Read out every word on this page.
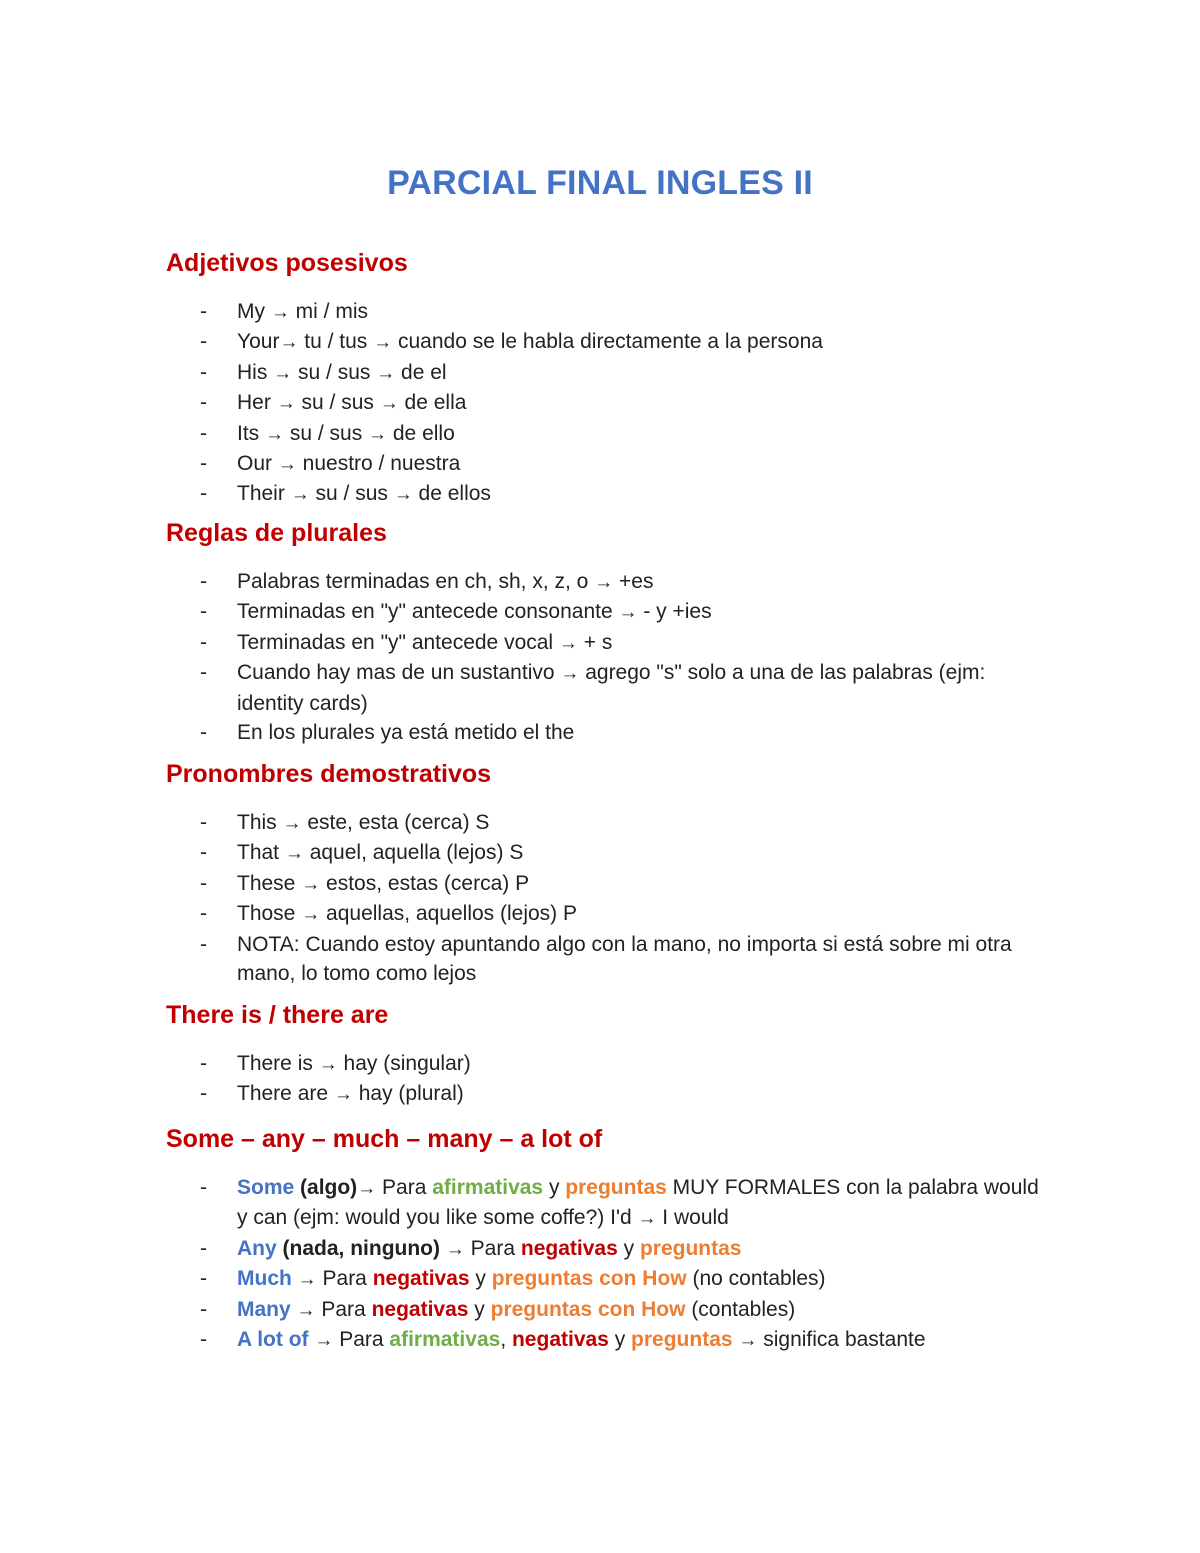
PARCIAL FINAL INGLES II
Adjetivos posesivos
- My → mi / mis
- Your→ tu / tus → cuando se le habla directamente a la persona
- His → su / sus → de el
- Her → su / sus → de ella
- Its → su / sus → de ello
- Our → nuestro / nuestra
- Their → su / sus → de ellos
Reglas de plurales
- Palabras terminadas en ch, sh, x, z, o → +es
- Terminadas en "y" antecede consonante → - y +ies
- Terminadas en "y" antecede vocal → + s
- Cuando hay mas de un sustantivo → agrego "s" solo a una de las palabras (ejm: identity cards)
- En los plurales ya está metido el the
Pronombres demostrativos
- This → este, esta (cerca) S
- That → aquel, aquella (lejos) S
- These → estos, estas (cerca) P
- Those → aquellas, aquellos (lejos) P
- NOTA: Cuando estoy apuntando algo con la mano, no importa si está sobre mi otra mano, lo tomo como lejos
There is / there are
- There is → hay (singular)
- There are → hay (plural)
Some – any – much – many – a lot of
- Some (algo)→ Para afirmativas y preguntas MUY FORMALES con la palabra would y can (ejm: would you like some coffe?) I'd → I would
- Any (nada, ninguno) → Para negativas y preguntas
- Much → Para negativas y preguntas con How (no contables)
- Many → Para negativas y preguntas con How (contables)
- A lot of → Para afirmativas, negativas y preguntas → significa bastante
